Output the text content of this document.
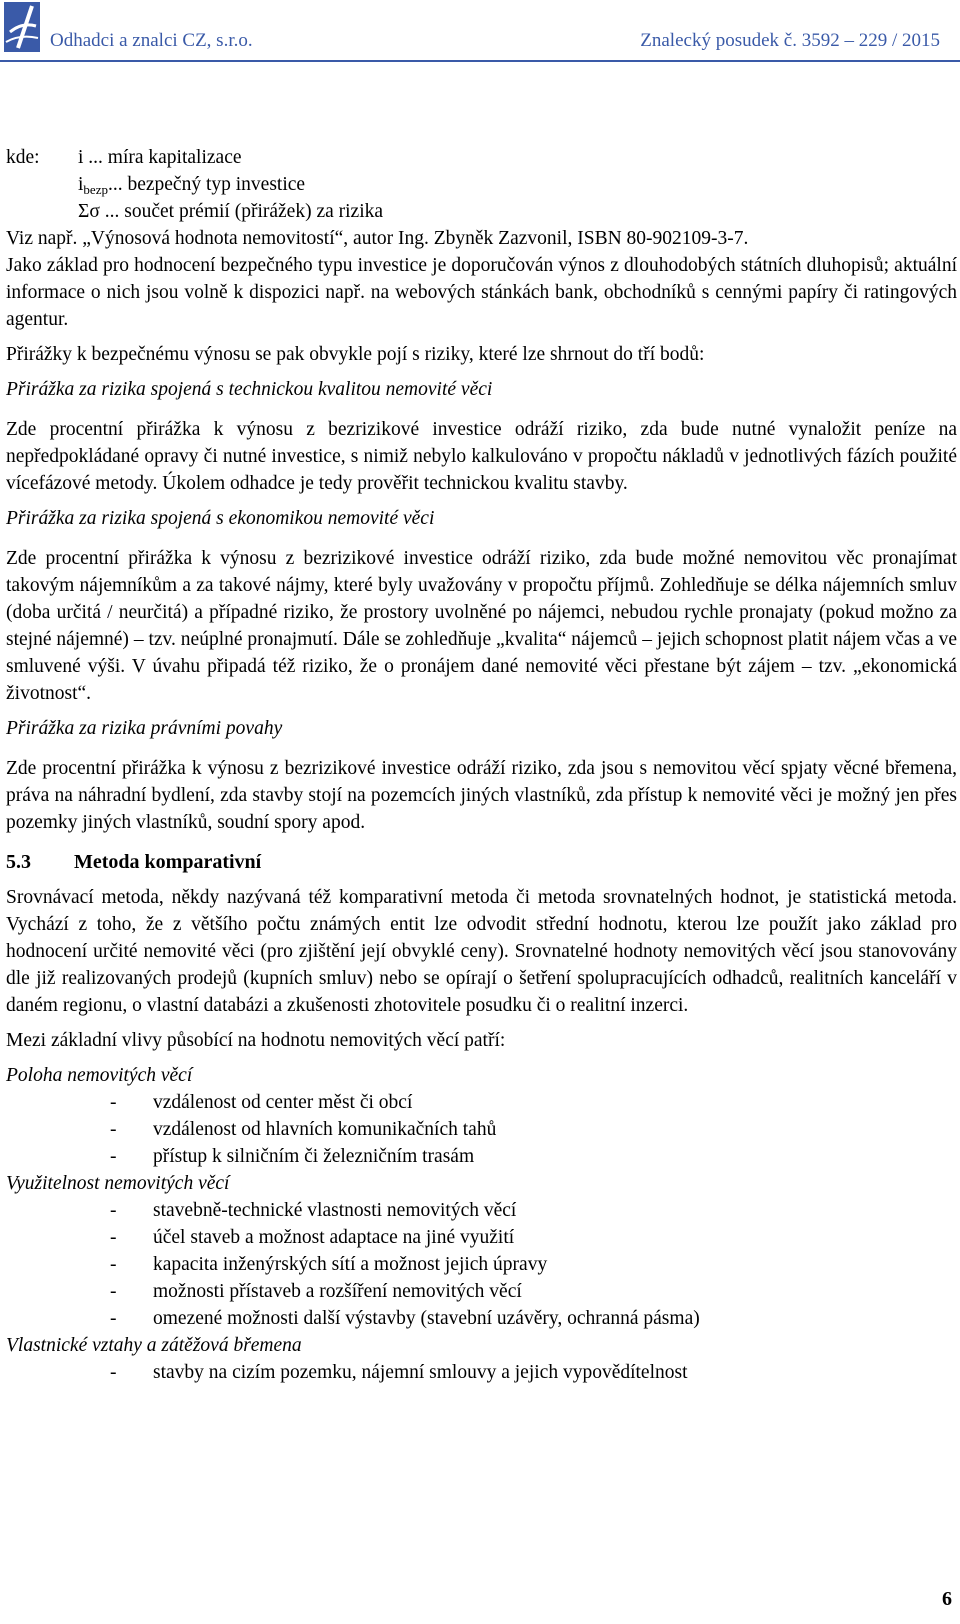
Odhadci a znalci CZ, s.r.o.	Znalecký posudek č. 3592 – 229 / 2015
kde: i ... míra kapitalizace
$i_{bezp}$... bezpečný typ investice
Σσ ... součet prémií (přirážek) za rizika

Viz např. „Výnosová hodnota nemovitostí“, autor Ing. Zbyněk Zazvonil, ISBN 80-902109-3-7.

Jako základ pro hodnocení bezpečného typu investice je doporučován výnos z dlouhodobých státních dluhopisů; aktuální informace o nich jsou volně k dispozici např. na webových stánkách bank, obchodníků s cennými papíry či ratingových agentur.

Přirážky k bezpečnému výnosu se pak obvykle pojí s riziky, které lze shrnout do tří bodů:

Přirážka za rizika spojená s technickou kvalitou nemovité věci

Zde procentní přirážka k výnosu z bezrizikové investice odráží riziko, zda bude nutné vynaložit peníze na nepředpokládané opravy či nutné investice, s nimiž nebylo kalkulováno v propočtu nákladů v jednotlivých fázích použité vícefázové metody. Úkolem odhadce je tedy prověřit technickou kvalitu stavby.

Přirážka za rizika spojená s ekonomikou nemovité věci

Zde procentní přirážka k výnosu z bezrizikové investice odráží riziko, zda bude možné nemovitou věc pronajímat takovým nájemníkům a za takové nájmy, které byly uvažovány v propočtu příjmů. Zohledňuje se délka nájemních smluv (doba určitá / neurčitá) a případné riziko, že prostory uvolněné po nájemci, nebudou rychle pronajaty (pokud možno za stejné nájemné) – tzv. neúplné pronajmutí. Dále se zohledňuje „kvalita“ nájemců – jejich schopnost platit nájem včas a ve smluvené výši. V úvahu připadá též riziko, že o pronájem dané nemovité věci přestane být zájem – tzv. „ekonomická životnost“.

Přirážka za rizika právními povahy

Zde procentní přirážka k výnosu z bezrizikové investice odráží riziko, zda jsou s nemovitou věcí spjaty věcné břemena, práva na náhradní bydlení, zda stavby stojí na pozemcích jiných vlastníků, zda přístup k nemovité věci je možný jen přes pozemky jiných vlastníků, soudní spory apod.

5.3 Metoda komparativní

Srovnávací metoda, někdy nazývaná též komparativní metoda či metoda srovnatelných hodnot, je statistická metoda. Vychází z toho, že z většího počtu známých entit lze odvodit střední hodnotu, kterou lze použít jako základ pro hodnocení určité nemovité věci (pro zjištění její obvyklé ceny). Srovnatelné hodnoty nemovitých věcí jsou stanovovány dle již realizovaných prodejů (kupních smluv) nebo se opírají o šetření spolupracujících odhadců, realitních kanceláří v daném regionu, o vlastní databázi a zkušenosti zhotovitele posudku či o realitní inzerci.

Mezi základní vlivy působící na hodnotu nemovitých věcí patří:

Poloha nemovitých věcí

- vzdálenost od center měst či obcí
- vzdálenost od hlavních komunikačních tahů
- přístup k silničním či železničním trasám

Využitelnost nemovitých věcí

- stavebně-technické vlastnosti nemovitých věcí
- účel staveb a možnost adaptace na jiné využití
- kapacita inženýrských sítí a možnost jejich úpravy
- možnosti přístaveb a rozšíření nemovitých věcí
- omezené možnosti další výstavby (stavební uzávěry, ochranná pásma)

Vlastnické vztahy a zátěžová břemena

- stavby na cizím pozemku, nájemní smlouvy a jejich vypovědítelnost
6
